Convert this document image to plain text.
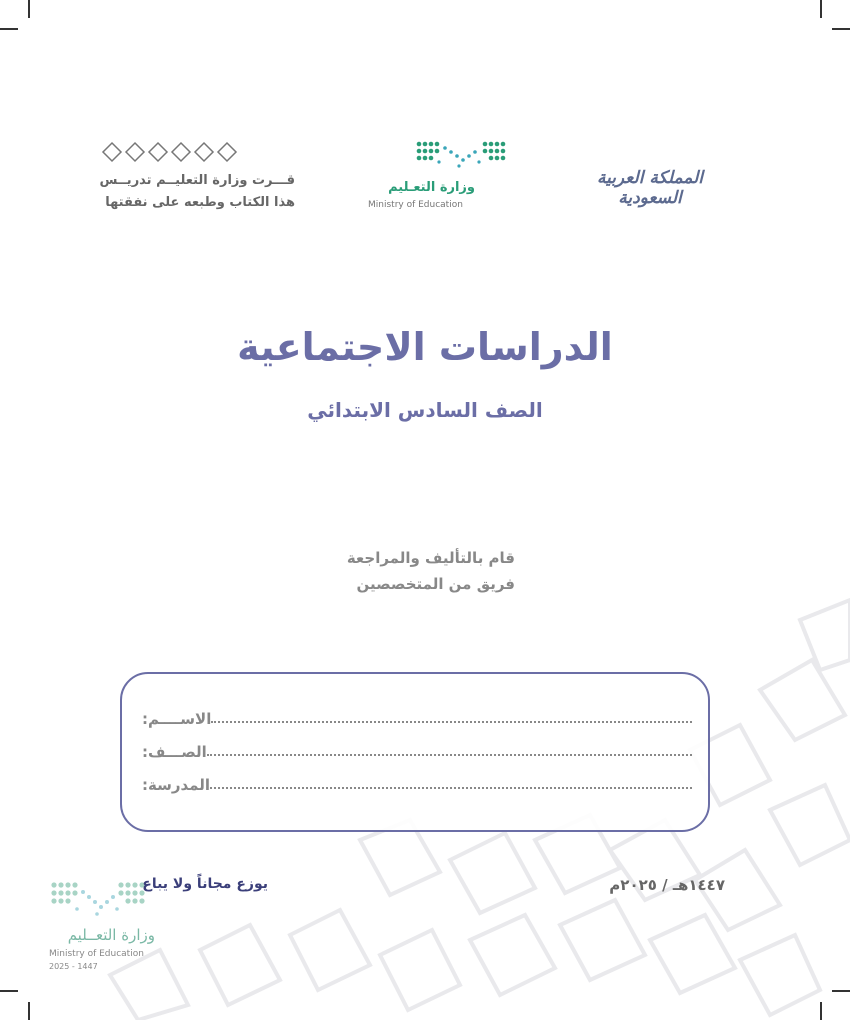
قـــرت وزارة التعليــم تدريــس
هذا الكتاب وطبعه على نفقتها
وزارة التعـليم
Ministry of Education
المملكة العربية السعودية
الدراسات الاجتماعية
الصف السادس الابتدائي
قام بالتأليف والمراجعة
فريق من المتخصصين
الاســــم:
الصـــف:
المدرسة:
١٤٤٧هـ / ٢٠٢٥م
وزارة التعــليم
Ministry of Education
2025 - 1447
يوزع مجاناً ولا يباع
